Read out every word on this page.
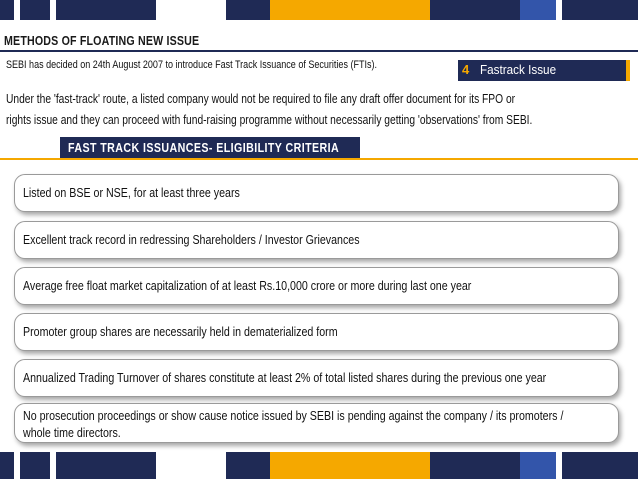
METHODS OF FLOATING NEW ISSUE
SEBI has decided on 24th August 2007 to introduce Fast Track Issuance of Securities (FTIs).	4 Fastrack Issue
Under the 'fast-track' route, a listed company would not be required to file any draft offer document for its FPO or
rights issue and they can proceed with fund-raising programme without necessarily getting 'observations' from SEBI.
FAST TRACK ISSUANCES- ELIGIBILITY CRITERIA
Listed on BSE or NSE, for at least three years
Excellent track record in redressing Shareholders / Investor Grievances
Average free float market capitalization of at least Rs.10,000 crore or more during last one year
Promoter group shares are necessarily held in dematerialized form
Annualized Trading Turnover of shares constitute at least 2% of total listed shares during the previous one year
No prosecution proceedings or show cause notice issued by SEBI is pending against the company / its promoters /
whole time directors.
